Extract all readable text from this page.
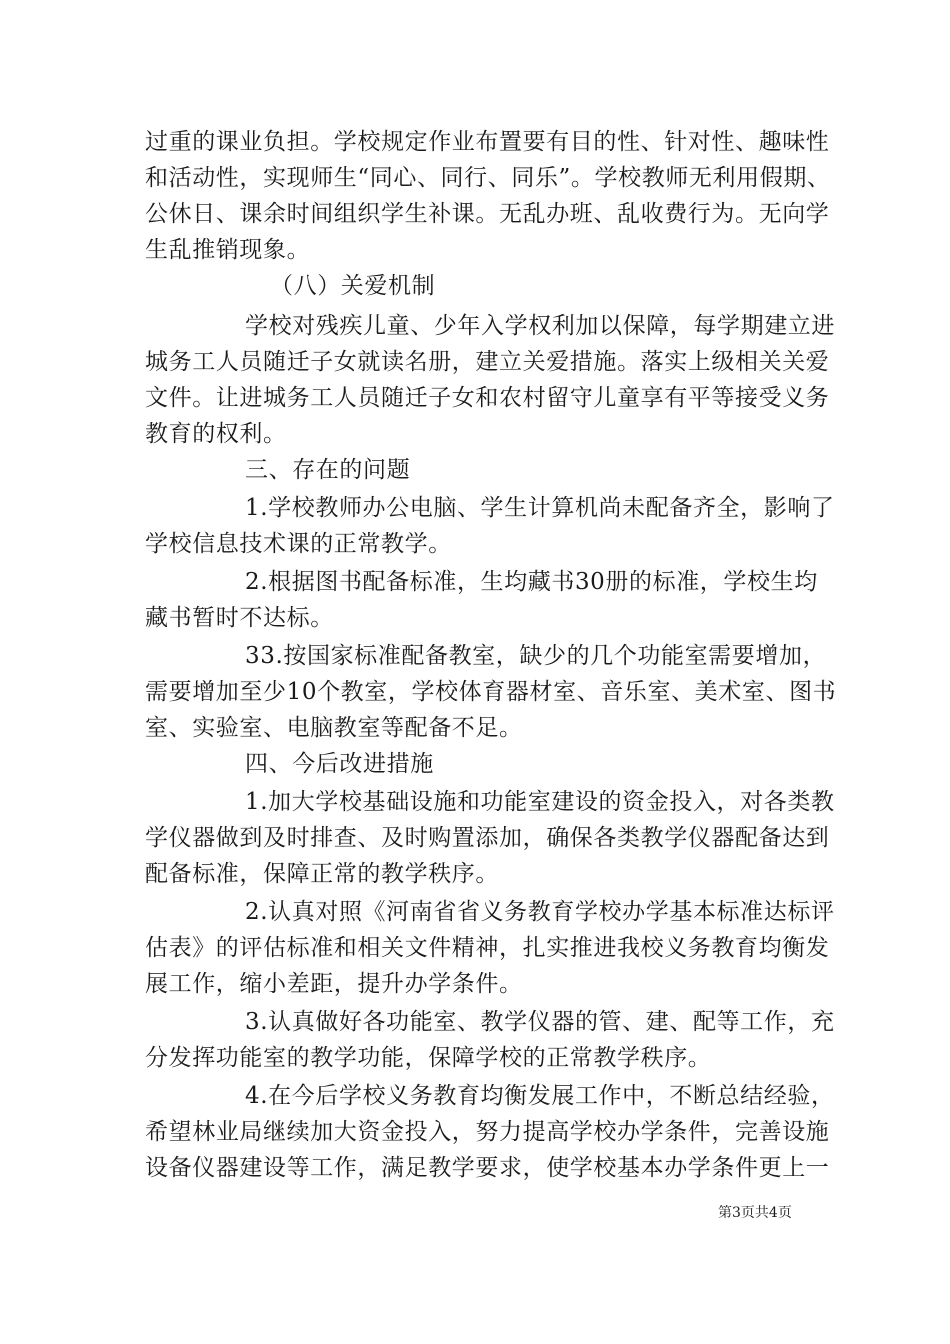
过重的课业负担。学校规定作业布置要有目的性、针对性、趣味性
和活动性，实现师生“同心、同行、同乐”。学校教师无利用假期、
公休日、课余时间组织学生补课。无乱办班、乱收费行为。无向学
生乱推销现象。
（八）关爱机制
学校对残疾儿童、少年入学权利加以保障，每学期建立进
城务工人员随迁子女就读名册，建立关爱措施。落实上级相关关爱
文件。让进城务工人员随迁子女和农村留守儿童享有平等接受义务
教育的权利。
三、存在的问题
1.学校教师办公电脑、学生计算机尚未配备齐全，影响了
学校信息技术课的正常教学。
2.根据图书配备标准，生均藏书30册的标准，学校生均
藏书暂时不达标。
33.按国家标准配备教室，缺少的几个功能室需要增加，
需要增加至少10个教室，学校体育器材室、音乐室、美术室、图书
室、实验室、电脑教室等配备不足。
四、今后改进措施
1.加大学校基础设施和功能室建设的资金投入，对各类教
学仪器做到及时排查、及时购置添加，确保各类教学仪器配备达到
配备标准，保障正常的教学秩序。
2.认真对照《河南省省义务教育学校办学基本标准达标评
估表》的评估标准和相关文件精神，扎实推进我校义务教育均衡发
展工作，缩小差距，提升办学条件。
3.认真做好各功能室、教学仪器的管、建、配等工作，充
分发挥功能室的教学功能，保障学校的正常教学秩序。
4.在今后学校义务教育均衡发展工作中，不断总结经验，
希望林业局继续加大资金投入，努力提高学校办学条件，完善设施
设备仪器建设等工作，满足教学要求，使学校基本办学条件更上一
第3页共4页
